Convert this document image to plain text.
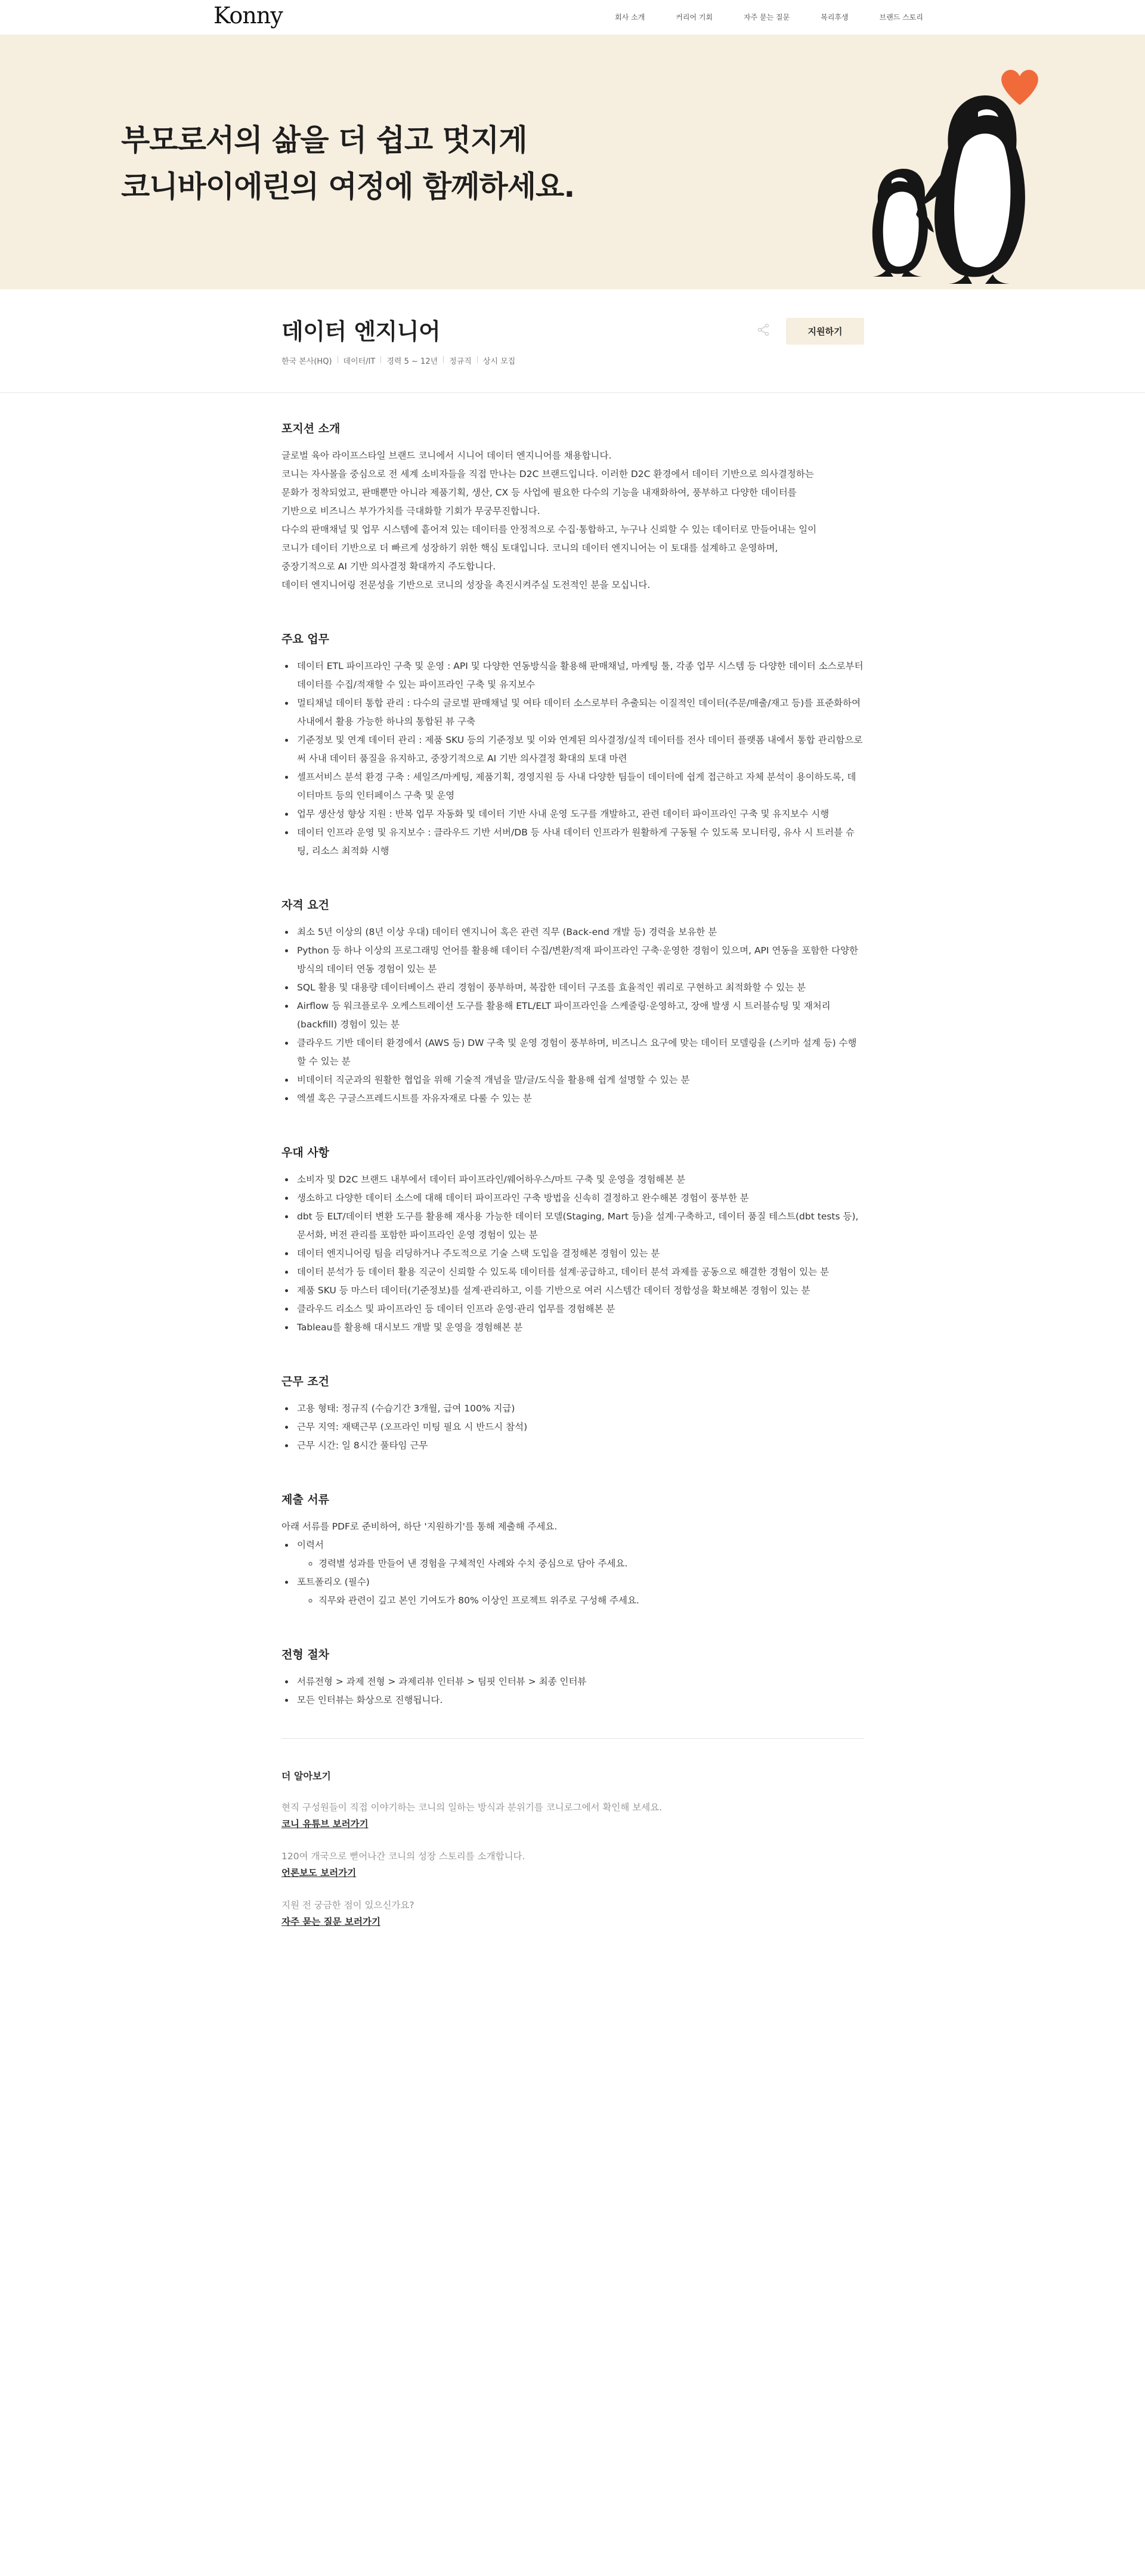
Konny	회사 소개	커리어 기회	자주 묻는 질문	복리후생	브랜드 스토리
부모로서의 삶을 더 쉽고 멋지게
코니바이에린의 여정에 함께하세요.
데이터 엔지니어
한국 본사(HQ) 데이터/IT 경력 5 ~ 12년 정규직 상시 모집
지원하기
포지션 소개

글로벌 육아 라이프스타일 브랜드 코니에서 시니어 데이터 엔지니어를 채용합니다.

코니는 자사몰을 중심으로 전 세계 소비자들을 직접 만나는 D2C 브랜드입니다. 이러한 D2C 환경에서 데이터 기반으로 의사결정하는

문화가 정착되었고, 판매뿐만 아니라 제품기획, 생산, CX 등 사업에 필요한 다수의 기능을 내재화하여, 풍부하고 다양한 데이터를

기반으로 비즈니스 부가가치를 극대화할 기회가 무궁무진합니다.

다수의 판매채널 및 업무 시스템에 흩어져 있는 데이터를 안정적으로 수집·통합하고, 누구나 신뢰할 수 있는 데이터로 만들어내는 일이

코니가 데이터 기반으로 더 빠르게 성장하기 위한 핵심 토대입니다. 코니의 데이터 엔지니어는 이 토대를 설계하고 운영하며,

중장기적으로 AI 기반 의사결정 확대까지 주도합니다.

데이터 엔지니어링 전문성을 기반으로 코니의 성장을 촉진시켜주실 도전적인 분을 모십니다.

주요 업무
• 데이터 ETL 파이프라인 구축 및 운영 : API 및 다양한 연동방식을 활용해 판매채널, 마케팅 툴, 각종 업무 시스템 등 다양한 데이터 소스로부터 데이터를 수집/적재할 수 있는 파이프라인 구축 및 유지보수
• 멀티채널 데이터 통합 관리 : 다수의 글로벌 판매채널 및 여타 데이터 소스로부터 추출되는 이질적인 데이터(주문/매출/재고 등)를 표준화하여 사내에서 활용 가능한 하나의 통합된 뷰 구축
• 기준정보 및 연계 데이터 관리 : 제품 SKU 등의 기준정보 및 이와 연계된 의사결정/실적 데이터를 전사 데이터 플랫폼 내에서 통합 관리함으로써 사내 데이터 품질을 유지하고, 중장기적으로 AI 기반 의사결정 확대의 토대 마련
• 셀프서비스 분석 환경 구축 : 세일즈/마케팅, 제품기획, 경영지원 등 사내 다양한 팀들이 데이터에 쉽게 접근하고 자체 분석이 용이하도록, 데이터마트 등의 인터페이스 구축 및 운영
• 업무 생산성 향상 지원 : 반복 업무 자동화 및 데이터 기반 사내 운영 도구를 개발하고, 관련 데이터 파이프라인 구축 및 유지보수 시행
• 데이터 인프라 운영 및 유지보수 : 클라우드 기반 서버/DB 등 사내 데이터 인프라가 원활하게 구동될 수 있도록 모니터링, 유사 시 트러블 슈팅, 리소스 최적화 시행
자격 요건
• 최소 5년 이상의 (8년 이상 우대) 데이터 엔지니어 혹은 관련 직무 (Back-end 개발 등) 경력을 보유한 분
• Python 등 하나 이상의 프로그래밍 언어를 활용해 데이터 수집/변환/적재 파이프라인 구축·운영한 경험이 있으며, API 연동을 포함한 다양한 방식의 데이터 연동 경험이 있는 분
• SQL 활용 및 대용량 데이터베이스 관리 경험이 풍부하며, 복잡한 데이터 구조를 효율적인 쿼리로 구현하고 최적화할 수 있는 분
• Airflow 등 워크플로우 오케스트레이션 도구를 활용해 ETL/ELT 파이프라인을 스케줄링·운영하고, 장애 발생 시 트러블슈팅 및 재처리(backfill) 경험이 있는 분
• 클라우드 기반 데이터 환경에서 (AWS 등) DW 구축 및 운영 경험이 풍부하며, 비즈니스 요구에 맞는 데이터 모델링을 (스키마 설계 등) 수행할 수 있는 분
• 비데이터 직군과의 원활한 협업을 위해 기술적 개념을 말/글/도식을 활용해 쉽게 설명할 수 있는 분
• 엑셀 혹은 구글스프레드시트를 자유자재로 다룰 수 있는 분
우대 사항
• 소비자 및 D2C 브랜드 내부에서 데이터 파이프라인/웨어하우스/마트 구축 및 운영을 경험해본 분
• 생소하고 다양한 데이터 소스에 대해 데이터 파이프라인 구축 방법을 신속히 결정하고 완수해본 경험이 풍부한 분
• dbt 등 ELT/데이터 변환 도구를 활용해 재사용 가능한 데이터 모델(Staging, Mart 등)을 설계·구축하고, 데이터 품질 테스트(dbt tests 등), 문서화, 버전 관리를 포함한 파이프라인 운영 경험이 있는 분
• 데이터 엔지니어링 팀을 리딩하거나 주도적으로 기술 스택 도입을 결정해본 경험이 있는 분
• 데이터 분석가 등 데이터 활용 직군이 신뢰할 수 있도록 데이터를 설계·공급하고, 데이터 분석 과제를 공동으로 해결한 경험이 있는 분
• 제품 SKU 등 마스터 데이터(기준정보)를 설계·관리하고, 이를 기반으로 여러 시스템간 데이터 정합성을 확보해본 경험이 있는 분
• 클라우드 리소스 및 파이프라인 등 데이터 인프라 운영·관리 업무를 경험해본 분
• Tableau를 활용해 대시보드 개발 및 운영을 경험해본 분
근무 조건
• 고용 형태: 정규직 (수습기간 3개월, 급여 100% 지급)
• 근무 지역: 재택근무 (오프라인 미팅 필요 시 반드시 참석)
• 근무 시간: 일 8시간 풀타임 근무
제출 서류

아래 서류를 PDF로 준비하여, 하단 '지원하기'를 통해 제출해 주세요.

• 이력서
◦ 경력별 성과를 만들어 낸 경험을 구체적인 사례와 수치 중심으로 담아 주세요.
• 포트폴리오 (필수)
◦ 직무와 관련이 깊고 본인 기여도가 80% 이상인 프로젝트 위주로 구성해 주세요.
전형 절차
• 서류전형 > 과제 전형 > 과제리뷰 인터뷰 > 팀핏 인터뷰 > 최종 인터뷰
• 모든 인터뷰는 화상으로 진행됩니다.
더 알아보기
현직 구성원들이 직접 이야기하는 코니의 일하는 방식과 분위기를 코니로그에서 확인해 보세요.
코니 유튜브 보러가기
120여 개국으로 뻗어나간 코니의 성장 스토리를 소개합니다.
언론보도 보러가기
지원 전 궁금한 점이 있으신가요?
자주 묻는 질문 보러가기
